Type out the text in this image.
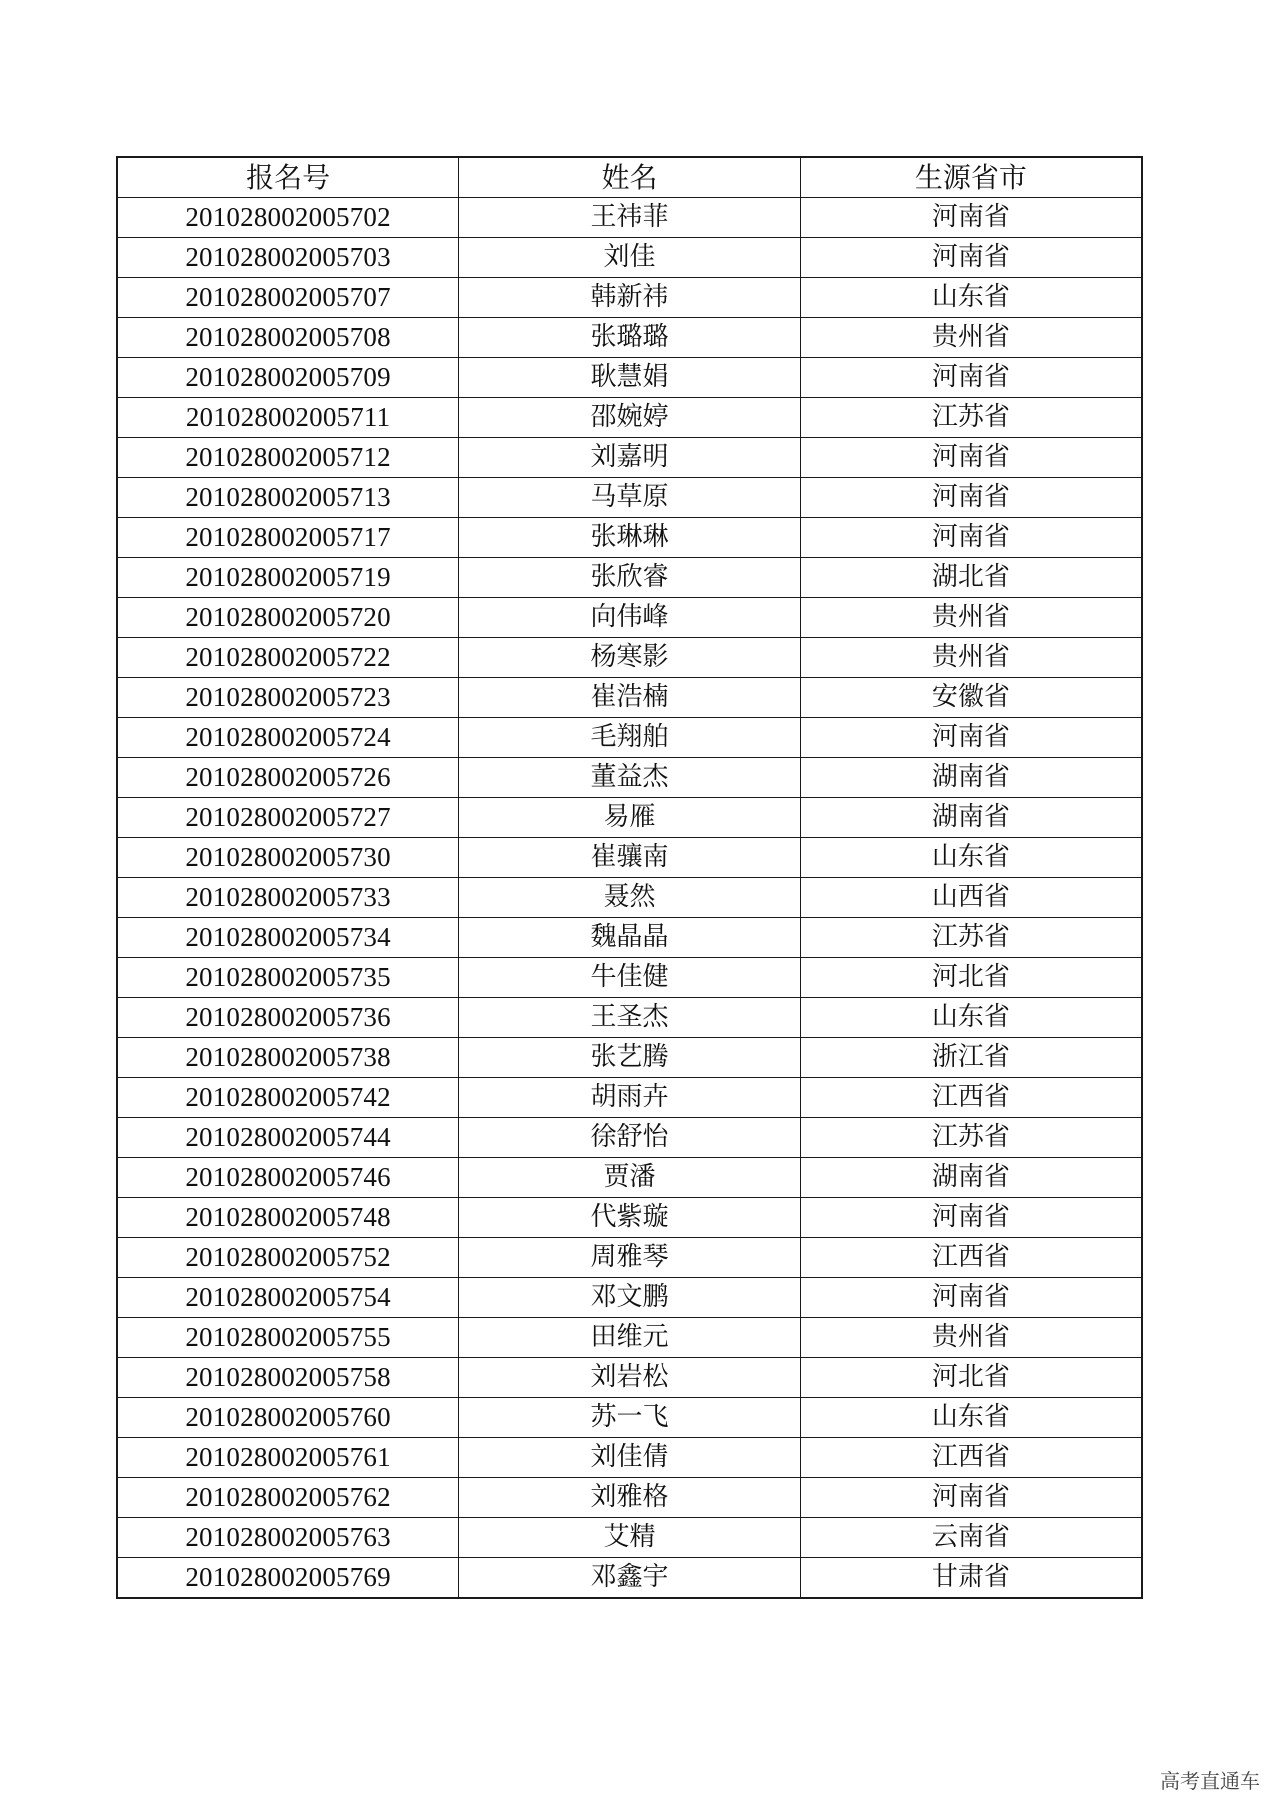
报名号	姓名	生源省市
201028002005702	王祎菲	河南省
201028002005703	刘佳	河南省
201028002005707	韩新祎	山东省
201028002005708	张璐璐	贵州省
201028002005709	耿慧娟	河南省
201028002005711	邵婉婷	江苏省
201028002005712	刘嘉明	河南省
201028002005713	马草原	河南省
201028002005717	张琳琳	河南省
201028002005719	张欣睿	湖北省
201028002005720	向伟峰	贵州省
201028002005722	杨寒影	贵州省
201028002005723	崔浩楠	安徽省
201028002005724	毛翔舶	河南省
201028002005726	董益杰	湖南省
201028002005727	易雁	湖南省
201028002005730	崔骧南	山东省
201028002005733	聂然	山西省
201028002005734	魏晶晶	江苏省
201028002005735	牛佳健	河北省
201028002005736	王圣杰	山东省
201028002005738	张艺腾	浙江省
201028002005742	胡雨卉	江西省
201028002005744	徐舒怡	江苏省
201028002005746	贾潘	湖南省
201028002005748	代紫璇	河南省
201028002005752	周雅琴	江西省
201028002005754	邓文鹏	河南省
201028002005755	田维元	贵州省
201028002005758	刘岩松	河北省
201028002005760	苏一飞	山东省
201028002005761	刘佳倩	江西省
201028002005762	刘雅格	河南省
201028002005763	艾精	云南省
201028002005769	邓鑫宇	甘肃省
高考直通车
